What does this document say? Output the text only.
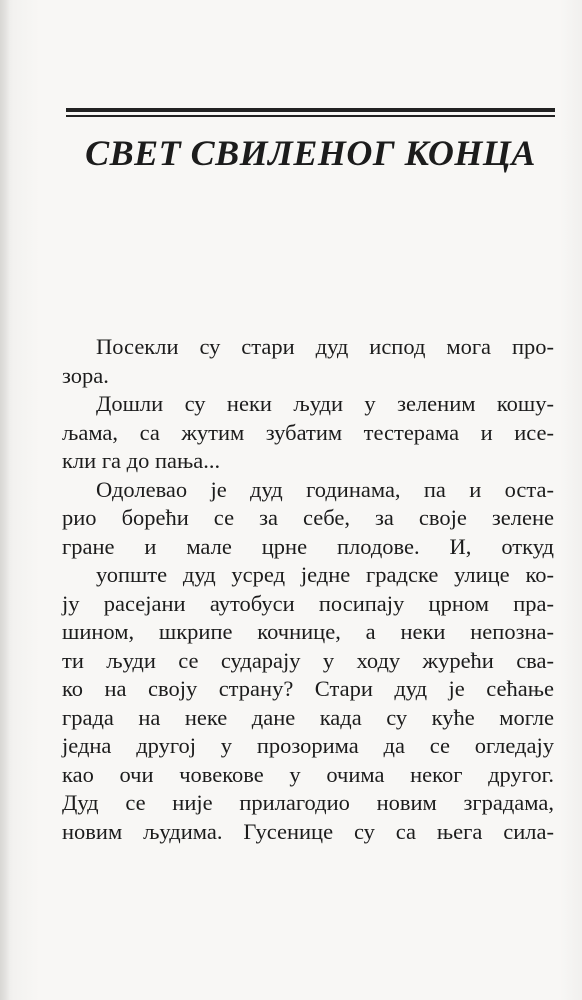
СВЕТ СВИЛЕНОГ КОНЦА
Посекли су стари дуд испод мога про-
зора.
Дошли су неки људи у зеленим кошу-
љама, са жутим зубатим тестерама и исе-
кли га до пања...
Одолевао је дуд годинама, па и оста-
рио борећи се за себе, за своје зелене
гране и мале црне плодове. И, откуд
уопште дуд усред једне градске улице ко-
ју расејани аутобуси посипају црном пра-
шином, шкрипе кочнице, а неки непозна-
ти људи се сударају у ходу журећи сва-
ко на своју страну? Стари дуд је сећање
града на неке дане када су куће могле
једна другој у прозорима да се огледају
као очи човекове у очима неког другог.
Дуд се није прилагодио новим зградама,
новим људима. Гусенице су са њега сила-
